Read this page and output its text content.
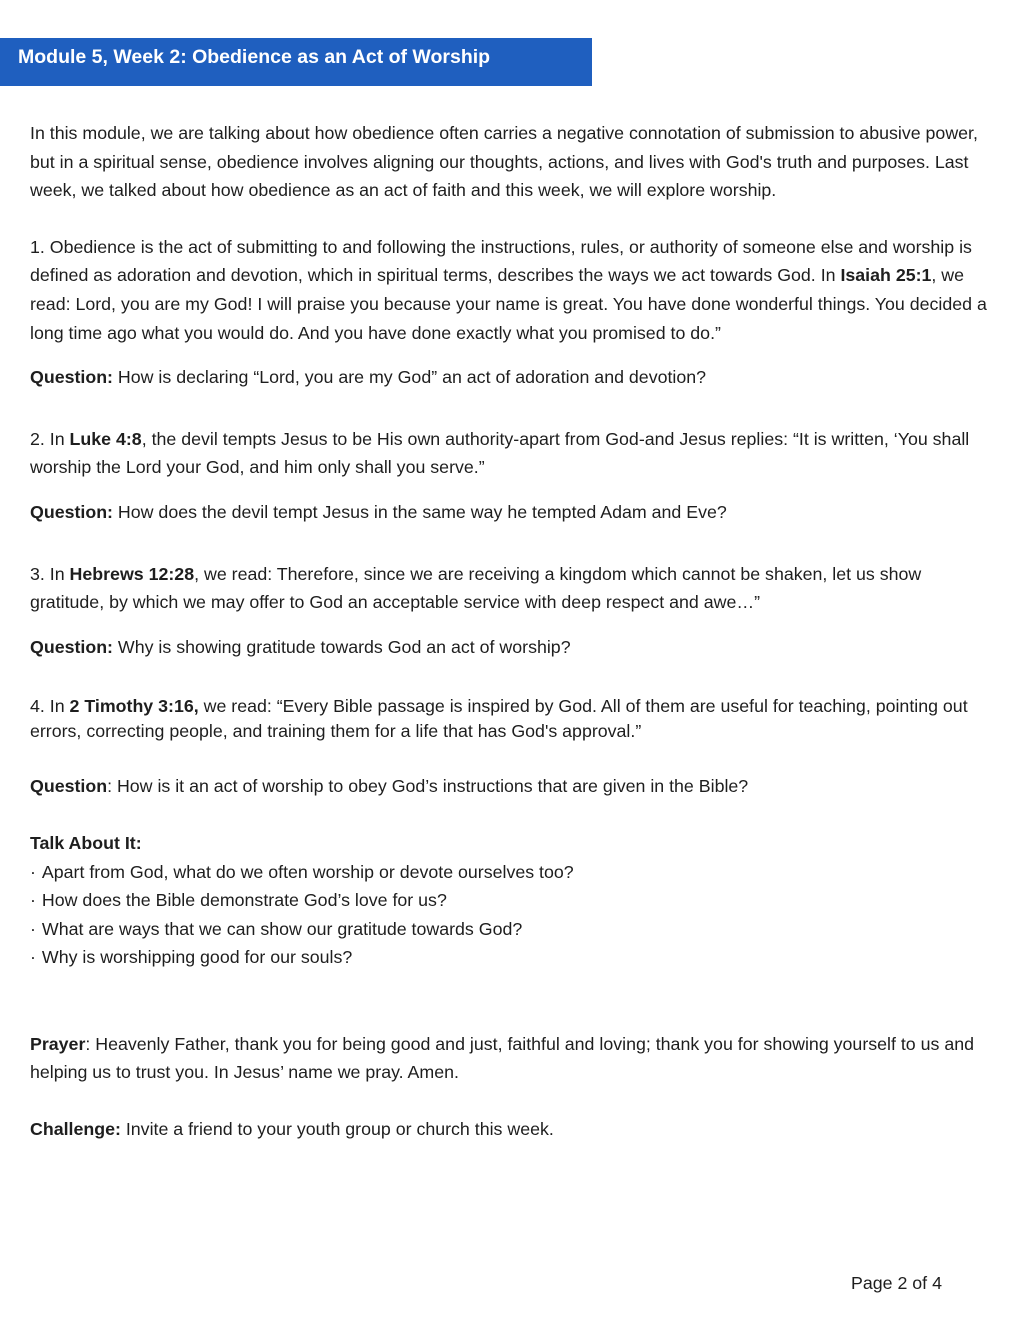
Module 5, Week 2: Obedience as an Act of Worship

In this module, we are talking about how obedience often carries a negative connotation of submission to abusive power, but in a spiritual sense, obedience involves aligning our thoughts, actions, and lives with God's truth and purposes. Last week, we talked about how obedience as an act of faith and this week, we will explore worship.

1. Obedience is the act of submitting to and following the instructions, rules, or authority of someone else and worship is defined as adoration and devotion, which in spiritual terms, describes the ways we act towards God. In Isaiah 25:1, we read: Lord, you are my God! I will praise you because your name is great. You have done wonderful things. You decided a long time ago what you would do. And you have done exactly what you promised to do.”

Question: How is declaring “Lord, you are my God” an act of adoration and devotion?

2. In Luke 4:8, the devil tempts Jesus to be His own authority-apart from God-and Jesus replies: “It is written, ‘You shall worship the Lord your God, and him only shall you serve.”

Question: How does the devil tempt Jesus in the same way he tempted Adam and Eve?

3. In Hebrews 12:28, we read: Therefore, since we are receiving a kingdom which cannot be shaken, let us show gratitude, by which we may offer to God an acceptable service with deep respect and awe…”

Question: Why is showing gratitude towards God an act of worship?

4. In 2 Timothy 3:16, we read: “Every Bible passage is inspired by God. All of them are useful for teaching, pointing out errors, correcting people, and training them for a life that has God's approval.”

Question: How is it an act of worship to obey God’s instructions that are given in the Bible?

Talk About It:

· Apart from God, what do we often worship or devote ourselves too?
· How does the Bible demonstrate God’s love for us?
· What are ways that we can show our gratitude towards God?
· Why is worshipping good for our souls?

Prayer: Heavenly Father, thank you for being good and just, faithful and loving; thank you for showing yourself to us and helping us to trust you. In Jesus’ name we pray. Amen.

Challenge: Invite a friend to your youth group or church this week.

Page 2 of 4
